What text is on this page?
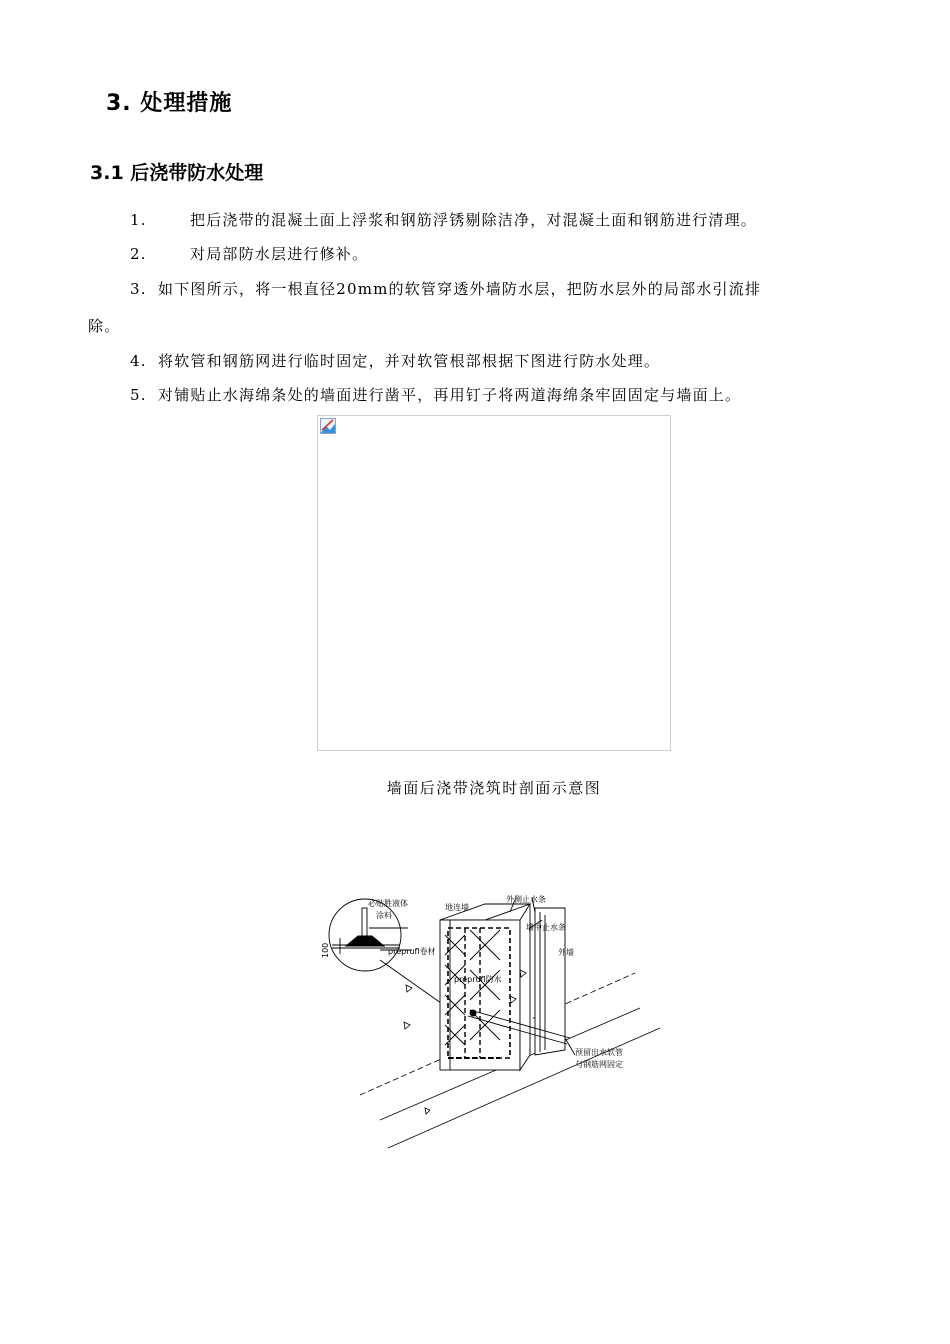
3. 处理措施
3.1 后浇带防水处理
1.	把后浇带的混凝土面上浮浆和钢筋浮锈剔除洁净，对混凝土面和钢筋进行清理。
2.	对局部防水层进行修补。
3. 如下图所示，将一根直径20mm的软管穿透外墙防水层，把防水层外的局部水引流排
除。
4. 将软管和钢筋网进行临时固定，并对软管根部根据下图进行防水处理。
5. 对铺贴止水海绵条处的墙面进行凿平，再用钉子将两道海绵条牢固固定与墙面上。
墙面后浇带浇筑时剖面示意图
必贴胜液体
涂料
preprufl卷材
100
地连墙
外侧止水条
墙中止水条
外墙
preprufl防水
预留出水软管
与钢筋网固定
